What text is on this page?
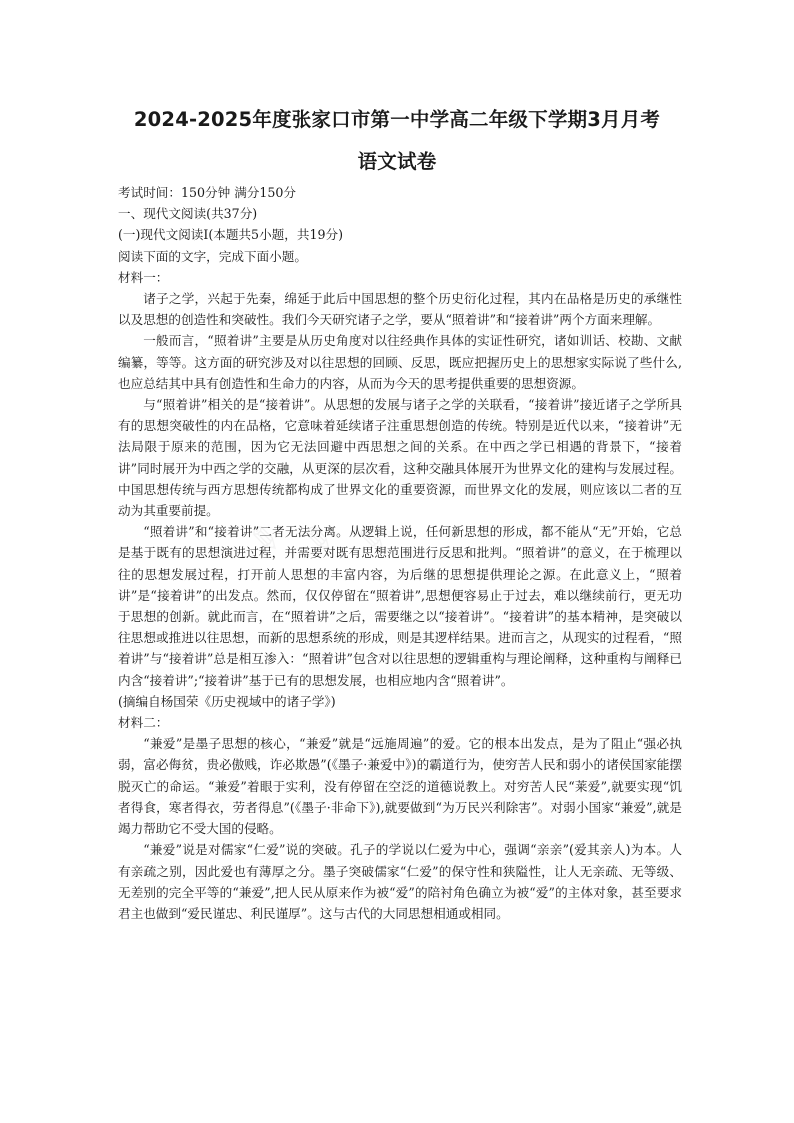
2024-2025年度张家口市第一中学高二年级下学期3月月考
语文试卷

考试时间：150分钟 满分150分

一、现代文阅读(共37分)

(一)现代文阅读Ⅰ(本题共5小题，共19分)

阅读下面的文字，完成下面小题。

材料一：

诸子之学，兴起于先秦，绵延于此后中国思想的整个历史衍化过程，其内在品格是历史的承继性以及思想的创造性和突破性。我们今天研究诸子之学，要从“照着讲”和“接着讲”两个方面来理解。

一般而言，“照着讲”主要是从历史角度对以往经典作具体的实证性研究，诸如训话、校勘、文献编纂，等等。这方面的研究涉及对以往思想的回顾、反思，既应把握历史上的思想家实际说了些什么,也应总结其中具有创造性和生命力的内容，从而为今天的思考提供重要的思想资源。

与“照着讲”相关的是“接着讲”。从思想的发展与诸子之学的关联看，“接着讲”接近诸子之学所具有的思想突破性的内在品格，它意味着延续诸子注重思想创造的传统。特别是近代以来，“接着讲”无法局限于原来的范围，因为它无法回避中西思想之间的关系。在中西之学已相遇的背景下，“接着讲”同时展开为中西之学的交融，从更深的层次看，这种交融具体展开为世界文化的建构与发展过程。中国思想传统与西方思想传统都构成了世界文化的重要资源，而世界文化的发展，则应该以二者的互动为其重要前提。

“照着讲”和“接着讲”二者无法分离。从逻辑上说，任何新思想的形成，都不能从“无”开始，它总是基于既有的思想演进过程，并需要对既有思想范围进行反思和批判。“照着讲”的意义，在于梳理以往的思想发展过程，打开前人思想的丰富内容，为后继的思想提供理论之源。在此意义上，“照着讲”是“接着讲”的出发点。然而，仅仅停留在“照着讲”,思想便容易止于过去，难以继续前行，更无功于思想的创新。就此而言，在“照着讲”之后，需要继之以“接着讲”。“接着讲”的基本精神，是突破以往思想或推进以往思想，而新的思想系统的形成，则是其逻样结果。进而言之，从现实的过程看，“照着讲”与“接着讲”总是相互渗入：“照着讲”包含对以往思想的逻辑重构与理论阐释，这种重构与阐释已内含“接着讲”;“接着讲”基于已有的思想发展，也相应地内含“照着讲”。

(摘编自杨国荣《历史视域中的诸子学》)

材料二：

“兼爱”是墨子思想的核心，“兼爱”就是“远施周遍”的爱。它的根本出发点，是为了阻止“强必执弱，富必侮贫，贵必傲贱，诈必欺愚”(《墨子·兼爱中》)的霸道行为，使穷苦人民和弱小的诸侯国家能摆脱灭亡的命运。“兼爱”着眼于实利，没有停留在空泛的道德说教上。对穷苦人民“莱爱”,就要实现“饥者得食，寒者得衣，劳者得息”(《墨子·非命下》),就要做到“为万民兴利除害”。对弱小国家“兼爱”,就是竭力帮助它不受大国的侵略。

“兼爱”说是对儒家“仁爱”说的突破。孔子的学说以仁爱为中心，强调“亲亲”(爱其亲人)为本。人有亲疏之别，因此爱也有薄厚之分。墨子突破儒家“仁爱”的保守性和狭隘性，让人无亲疏、无等级、无差别的完全平等的“兼爱”,把人民从原来作为被“爱”的陪衬角色确立为被“爱”的主体对象，甚至要求君主也做到“爱民谨忠、利民谨厚”。这与古代的大同思想相通或相同。
